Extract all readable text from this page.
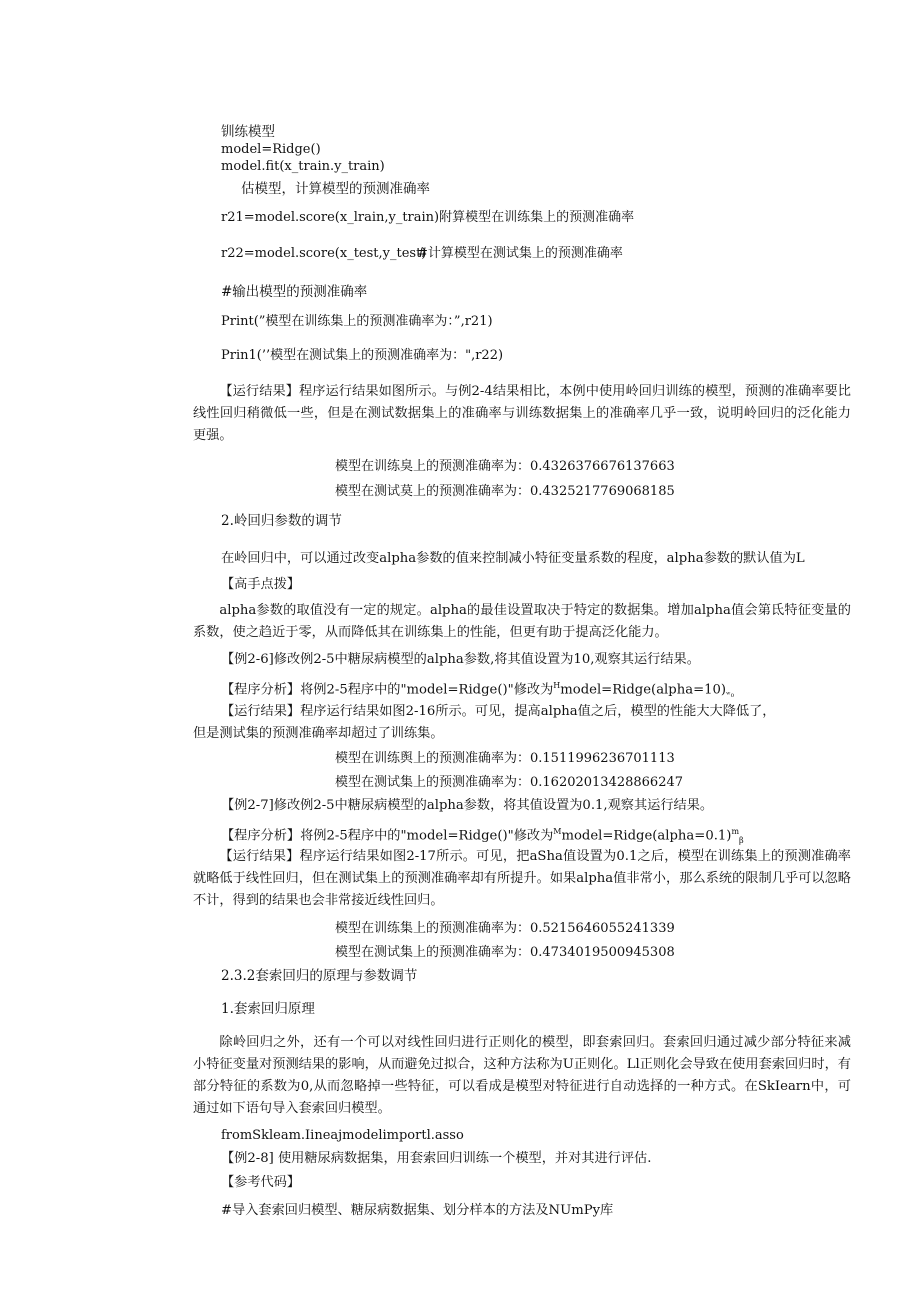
钏练模型
model=Ridge()
model.fit(x_train.y_train)
估模型，计算模型的预测准确率
r21=model.score(x_lrain,y_train)附算模型在训练集上的预测准确率
r22=model.score(x_test,y_test)
#计算模型在测试集上的预测准确率
#输出模型的预测准确率
Print(”模型在训练集上的预测准确率为：”,r21)
Prin1(’’模型在测试集上的预测准确率为：",r22)
【运行结果】程序运行结果如图所示。与例2-4结果相比，本例中使用岭回归训练的模型，预测的准确率要比线性回归稍微低一些，但是在测试数据集上的准确率与训练数据集上的准确率几乎一致，说明岭回归的泛化能力更强。
模型在训练臭上的预测准确率为：0.4326376676137663
模型在测试莫上的预测准确率为：0.4325217769068185
2.岭回归参数的调节
在岭回归中，可以通过改变alpha参数的值来控制减小特征变量系数的程度，alpha参数的默认值为L
【高手点拨】
alpha参数的取值没有一定的规定。alpha的最佳设置取决于特定的数据集。增加alpha值会第氐特征变量的系数，使之趋近于零，从而降低其在训练集上的性能，但更有助于提高泛化能力。
【例2-6]修改例2-5中糖尿病模型的alpha参数,将其值设置为10,观察其运行结果。
【程序分析】将例2-5程序中的"model=Ridge()"修改为$^Hmodel=Ridge(alpha=10)_{ʷ_0}$
【运行结果】程序运行结果如图2-16所示。可见，提高alpha值之后，模型的性能大大降低了，
但是测试集的预测准确率却超过了训练集。
模型在训练舆上的预测准确率为：0.1511996236701113
模型在测试集上的预测准确率为：0.16202013428866247
【例2-7]修改例2-5中糖尿病模型的alpha参数，将其值设置为0.1,观察其运行结果。
【程序分析】将例2-5程序中的"model=Ridge()"修改为$^M$model=Ridge(alpha=0.1)$^m_\beta$
【运行结果】程序运行结果如图2-17所示。可见，把aSha值设置为0.1之后，模型在训练集上的预测准确率就略低于线性回归，但在测试集上的预测准确率却有所提升。如果alpha值非常小，那么系统的限制几乎可以忽略不计，得到的结果也会非常接近线性回归。
模型在训练集上的预测准确率为：0.5215646055241339
模型在测试集上的预测准确率为：0.4734019500945308
2.3.2套索回归的原理与参数调节
1.套索回归原理
除岭回归之外，还有一个可以对线性回归进行正则化的模型，即套索回归。套索回归通过减少部分特征来减小特征变量对预测结果的影响，从而避免过拟合，这种方法称为U正则化。Ll正则化会导致在使用套索回归时，有部分特征的系数为0,从而忽略掉一些特征，可以看成是模型对特征进行自动选择的一种方式。在SkIearn中，可通过如下语句导入套索回归模型。
fromSkleam.Iineajmodelimportl.asso
【例2-8] 使用糖尿病数据集，用套索回归训练一个模型，并对其进行评估.
【参考代码】
#导入套索回归模型、糖尿病数据集、划分样本的方法及NUmPy库
